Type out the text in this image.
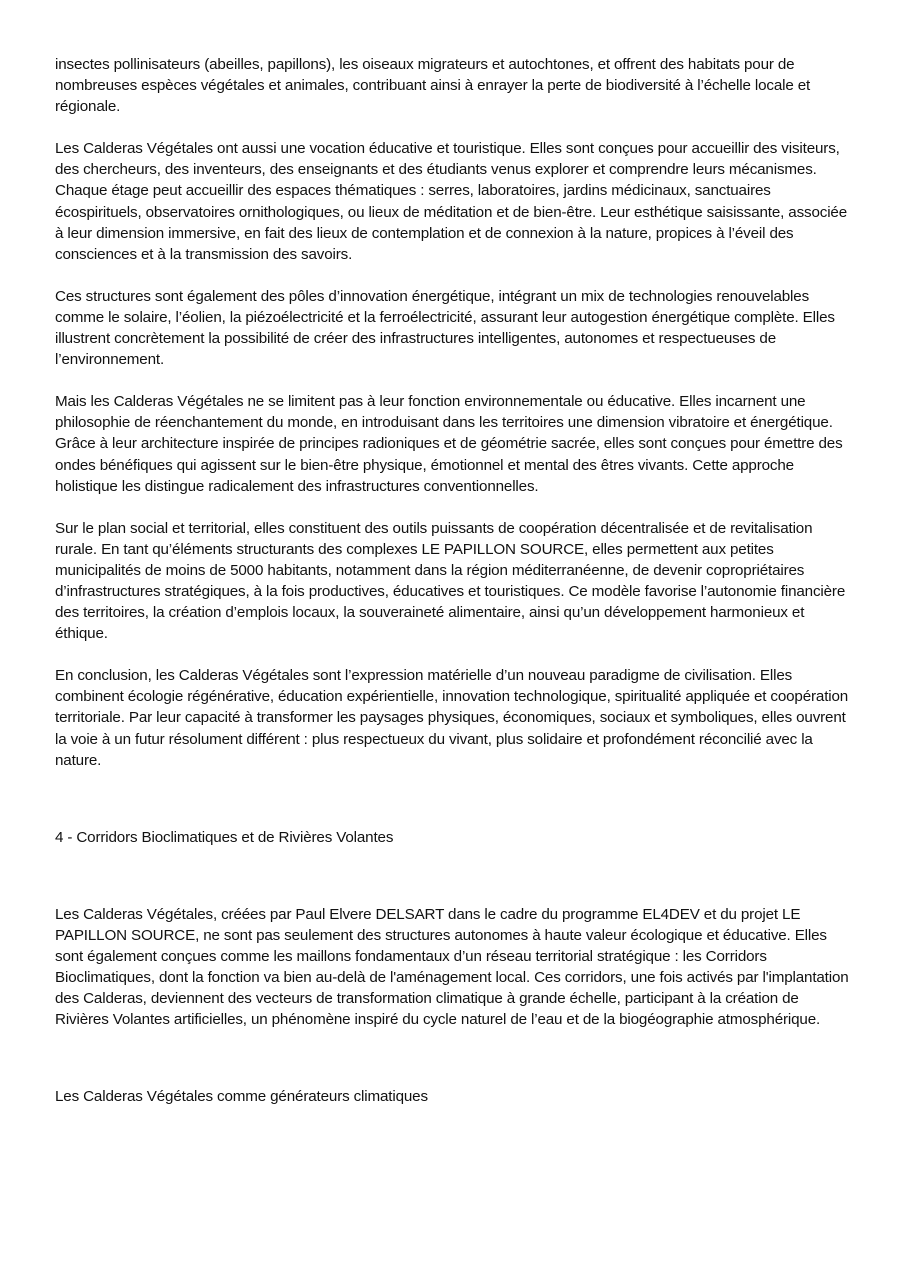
insectes pollinisateurs (abeilles, papillons), les oiseaux migrateurs et autochtones, et offrent des habitats pour de nombreuses espèces végétales et animales, contribuant ainsi à enrayer la perte de biodiversité à l’échelle locale et régionale.

Les Calderas Végétales ont aussi une vocation éducative et touristique. Elles sont conçues pour accueillir des visiteurs, des chercheurs, des inventeurs, des enseignants et des étudiants venus explorer et comprendre leurs mécanismes. Chaque étage peut accueillir des espaces thématiques : serres, laboratoires, jardins médicinaux, sanctuaires écospirituels, observatoires ornithologiques, ou lieux de méditation et de bien-être. Leur esthétique saisissante, associée à leur dimension immersive, en fait des lieux de contemplation et de connexion à la nature, propices à l’éveil des consciences et à la transmission des savoirs.

Ces structures sont également des pôles d’innovation énergétique, intégrant un mix de technologies renouvelables comme le solaire, l’éolien, la piézoélectricité et la ferroélectricité, assurant leur autogestion énergétique complète. Elles illustrent concrètement la possibilité de créer des infrastructures intelligentes, autonomes et respectueuses de l’environnement.

Mais les Calderas Végétales ne se limitent pas à leur fonction environnementale ou éducative. Elles incarnent une philosophie de réenchantement du monde, en introduisant dans les territoires une dimension vibratoire et énergétique. Grâce à leur architecture inspirée de principes radioniques et de géométrie sacrée, elles sont conçues pour émettre des ondes bénéfiques qui agissent sur le bien-être physique, émotionnel et mental des êtres vivants. Cette approche holistique les distingue radicalement des infrastructures conventionnelles.

Sur le plan social et territorial, elles constituent des outils puissants de coopération décentralisée et de revitalisation rurale. En tant qu’éléments structurants des complexes LE PAPILLON SOURCE, elles permettent aux petites municipalités de moins de 5000 habitants, notamment dans la région méditerranéenne, de devenir copropriétaires d’infrastructures stratégiques, à la fois productives, éducatives et touristiques. Ce modèle favorise l’autonomie financière des territoires, la création d’emplois locaux, la souveraineté alimentaire, ainsi qu’un développement harmonieux et éthique.

En conclusion, les Calderas Végétales sont l’expression matérielle d’un nouveau paradigme de civilisation. Elles combinent écologie régénérative, éducation expérientielle, innovation technologique, spiritualité appliquée et coopération territoriale. Par leur capacité à transformer les paysages physiques, économiques, sociaux et symboliques, elles ouvrent la voie à un futur résolument différent : plus respectueux du vivant, plus solidaire et profondément réconcilié avec la nature.

4 - Corridors Bioclimatiques et de Rivières Volantes

Les Calderas Végétales, créées par Paul Elvere DELSART dans le cadre du programme EL4DEV et du projet LE PAPILLON SOURCE, ne sont pas seulement des structures autonomes à haute valeur écologique et éducative. Elles sont également conçues comme les maillons fondamentaux d’un réseau territorial stratégique : les Corridors Bioclimatiques, dont la fonction va bien au-delà de l'aménagement local. Ces corridors, une fois activés par l'implantation des Calderas, deviennent des vecteurs de transformation climatique à grande échelle, participant à la création de Rivières Volantes artificielles, un phénomène inspiré du cycle naturel de l’eau et de la biogéographie atmosphérique.

Les Calderas Végétales comme générateurs climatiques
